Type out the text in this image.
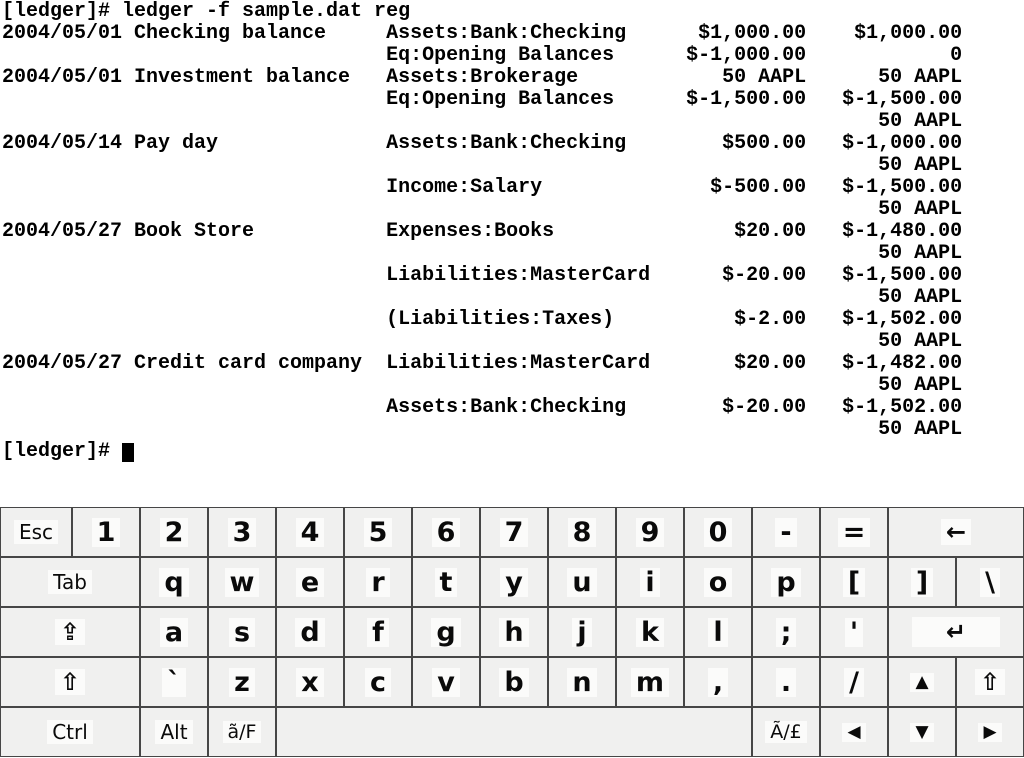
[ledger]# ledger -f sample.dat reg
2004/05/01 Checking balance     Assets:Bank:Checking      $1,000.00    $1,000.00
Eq:Opening Balances      $-1,000.00            0
2004/05/01 Investment balance   Assets:Brokerage            50 AAPL      50 AAPL
Eq:Opening Balances      $-1,500.00   $-1,500.00
50 AAPL
2004/05/14 Pay day              Assets:Bank:Checking        $500.00   $-1,000.00
50 AAPL
Income:Salary              $-500.00   $-1,500.00
50 AAPL
2004/05/27 Book Store           Expenses:Books               $20.00   $-1,480.00
50 AAPL
Liabilities:MasterCard      $-20.00   $-1,500.00
50 AAPL
(Liabilities:Taxes)          $-2.00   $-1,502.00
50 AAPL
2004/05/27 Credit card company  Liabilities:MasterCard       $20.00   $-1,482.00
50 AAPL
Assets:Bank:Checking        $-20.00   $-1,502.00
50 AAPL
[ledger]#
Esc 1 2 3 4 5 6 7 8 9 0 - =	←
Tab	q w e r t y u i o p [ ] \
⇪	a s d f g h j k l ; '	↵
⇧	` z x c v b n m , . /	▲ ⇧
Ctrl	Alt ã/F	Ã/£	◀	▼	▶
